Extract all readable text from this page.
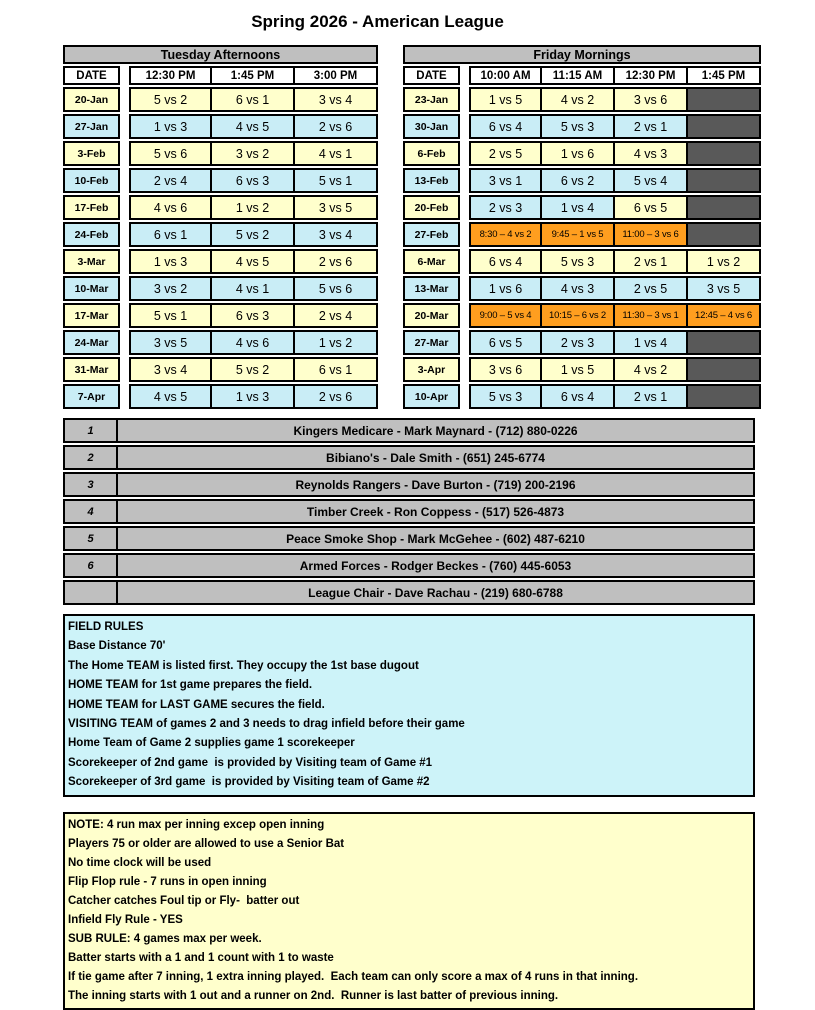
Spring 2026 - American League
Tuesday Afternoons
DATE	12:30 PM	1:45 PM	3:00 PM
20-Jan	5 vs 2	6 vs 1	3 vs 4
27-Jan	1 vs 3	4 vs 5	2 vs 6
3-Feb	5 vs 6	3 vs 2	4 vs 1
10-Feb	2 vs 4	6 vs 3	5 vs 1
17-Feb	4 vs 6	1 vs 2	3 vs 5
24-Feb	6 vs 1	5 vs 2	3 vs 4
3-Mar	1 vs 3	4 vs 5	2 vs 6
10-Mar	3 vs 2	4 vs 1	5 vs 6
17-Mar	5 vs 1	6 vs 3	2 vs 4
24-Mar	3 vs 5	4 vs 6	1 vs 2
31-Mar	3 vs 4	5 vs 2	6 vs 1
7-Apr	4 vs 5	1 vs 3	2 vs 6
Friday Mornings
DATE	10:00 AM	11:15 AM	12:30 PM	1:45 PM
23-Jan	1 vs 5	4 vs 2	3 vs 6
30-Jan	6 vs 4	5 vs 3	2 vs 1
6-Feb	2 vs 5	1 vs 6	4 vs 3
13-Feb	3 vs 1	6 vs 2	5 vs 4
20-Feb	2 vs 3	1 vs 4	6 vs 5
27-Feb	8:30 – 4 vs 2	9:45 – 1 vs 5	11:00 – 3 vs 6
6-Mar	6 vs 4	5 vs 3	2 vs 1	1 vs 2
13-Mar	1 vs 6	4 vs 3	2 vs 5	3 vs 5
20-Mar	9:00 – 5 vs 4	10:15 – 6 vs 2	11:30 – 3 vs 1	12:45 – 4 vs 6
27-Mar	6 vs 5	2 vs 3	1 vs 4
3-Apr	3 vs 6	1 vs 5	4 vs 2
10-Apr	5 vs 3	6 vs 4	2 vs 1
1	Kingers Medicare - Mark Maynard - (712) 880-0226
2	Bibiano's - Dale Smith - (651) 245-6774
3	Reynolds Rangers - Dave Burton - (719) 200-2196
4	Timber Creek - Ron Coppess - (517) 526-4873
5	Peace Smoke Shop - Mark McGehee - (602) 487-6210
6	Armed Forces - Rodger Beckes - (760) 445-6053
League Chair - Dave Rachau - (219) 680-6788
FIELD RULES
Base Distance 70'
The Home TEAM is listed first. They occupy the 1st base dugout
HOME TEAM for 1st game prepares the field.
HOME TEAM for LAST GAME secures the field.
VISITING TEAM of games 2 and 3 needs to drag infield before their game
Home Team of Game 2 supplies game 1 scorekeeper
Scorekeeper of 2nd game  is provided by Visiting team of Game #1
Scorekeeper of 3rd game  is provided by Visiting team of Game #2
NOTE: 4 run max per inning excep open inning
Players 75 or older are allowed to use a Senior Bat
No time clock will be used
Flip Flop rule - 7 runs in open inning
Catcher catches Foul tip or Fly-  batter out
Infield Fly Rule - YES
SUB RULE: 4 games max per week.
Batter starts with a 1 and 1 count with 1 to waste
If tie game after 7 inning, 1 extra inning played.  Each team can only score a max of 4 runs in that inning.
The inning starts with 1 out and a runner on 2nd.  Runner is last batter of previous inning.
